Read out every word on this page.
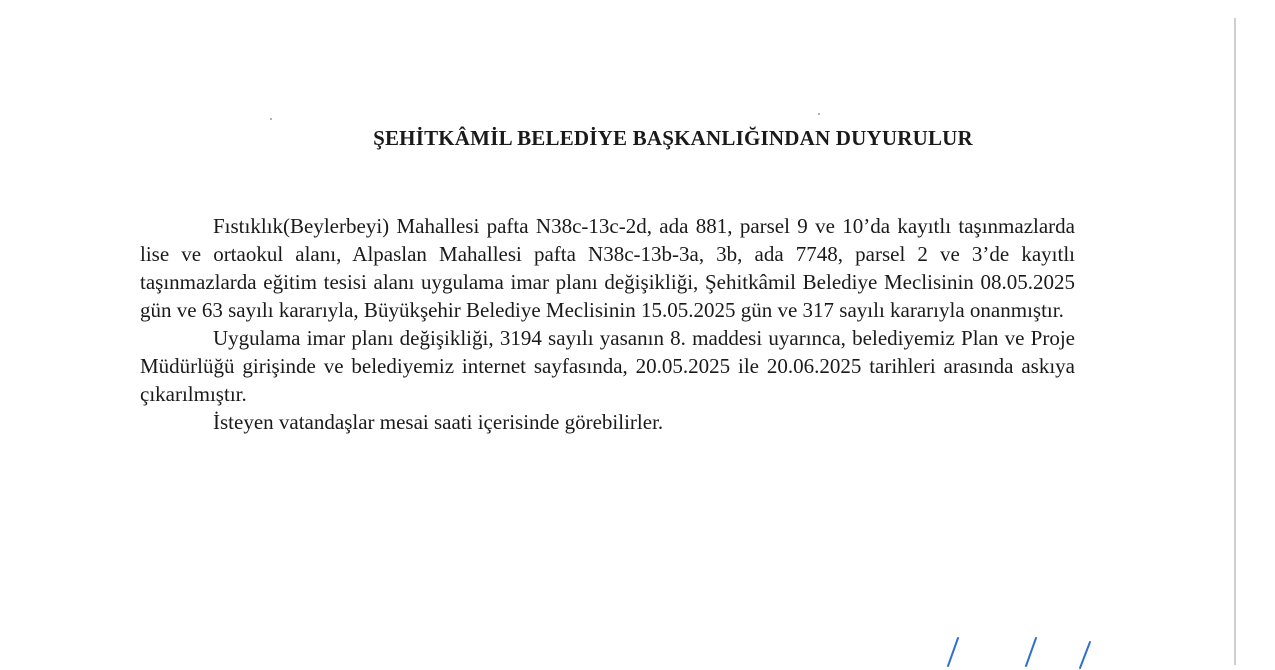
ŞEHİTKÂMİL BELEDİYE BAŞKANLIĞINDAN DUYURULUR

Fıstıklık(Beylerbeyi) Mahallesi pafta N38c-13c-2d, ada 881, parsel 9 ve 10’da kayıtlı taşınmazlarda lise ve ortaokul alanı, Alpaslan Mahallesi pafta N38c-13b-3a, 3b, ada 7748, parsel 2 ve 3’de kayıtlı taşınmazlarda eğitim tesisi alanı uygulama imar planı değişikliği, Şehitkâmil Belediye Meclisinin 08.05.2025 gün ve 63 sayılı kararıyla, Büyükşehir Belediye Meclisinin 15.05.2025 gün ve 317 sayılı kararıyla onanmıştır.

Uygulama imar planı değişikliği, 3194 sayılı yasanın 8. maddesi uyarınca, belediyemiz Plan ve Proje Müdürlüğü girişinde ve belediyemiz internet sayfasında, 20.05.2025 ile 20.06.2025 tarihleri arasında askıya çıkarılmıştır.

İsteyen vatandaşlar mesai saati içerisinde görebilirler.
